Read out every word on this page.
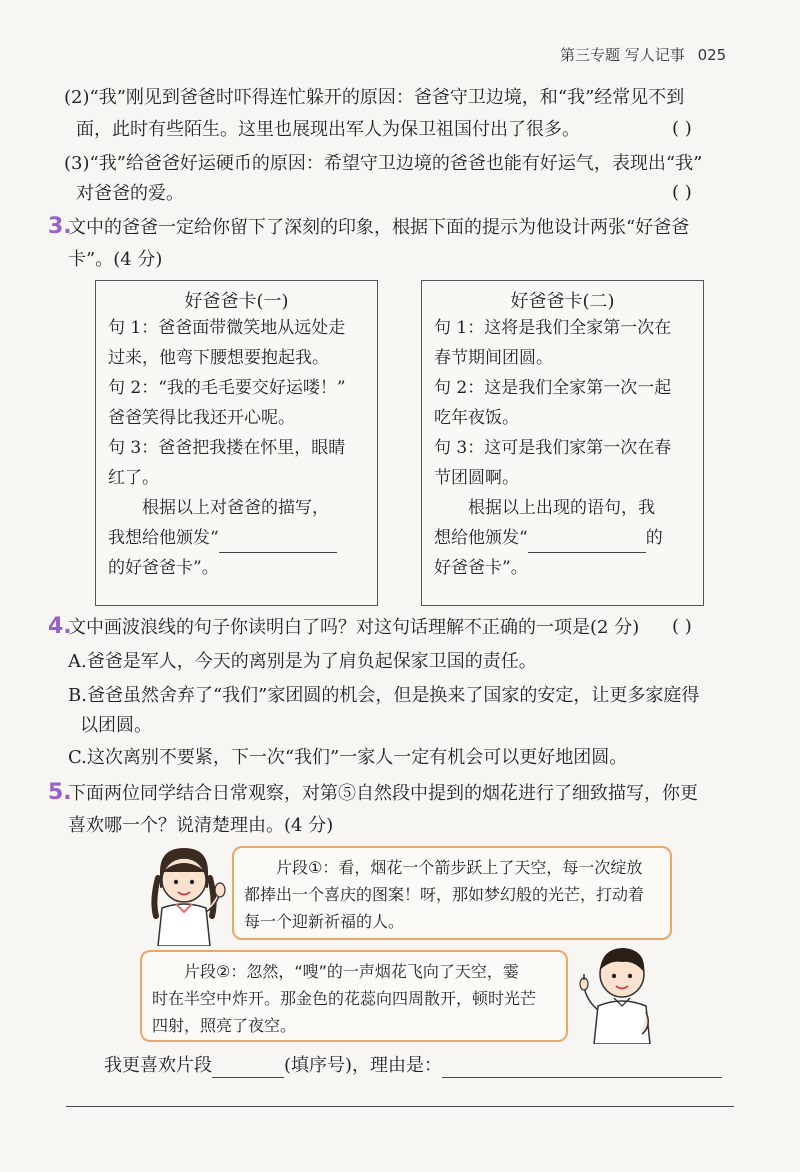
第三专题 写人记事 025
(2)“我”刚见到爸爸时吓得连忙躲开的原因：爸爸守卫边境，和“我”经常见不到
面，此时有些陌生。这里也展现出军人为保卫祖国付出了很多。	( )
(3)“我”给爸爸好运硬币的原因：希望守卫边境的爸爸也能有好运气，表现出“我”
对爸爸的爱。	( )
3.
文中的爸爸一定给你留下了深刻的印象，根据下面的提示为他设计两张“好爸爸
卡”。(4 分)
好爸爸卡(一)
句 1：爸爸面带微笑地从远处走
过来，他弯下腰想要抱起我。
句 2：“我的毛毛要交好运喽！”
爸爸笑得比我还开心呢。
句 3：爸爸把我搂在怀里，眼睛
红了。
　　根据以上对爸爸的描写，
我想给他颁发“
的好爸爸卡”。
好爸爸卡(二)
句 1：这将是我们全家第一次在
春节期间团圆。
句 2：这是我们全家第一次一起
吃年夜饭。
句 3：这可是我们家第一次在春
节团圆啊。
　　根据以上出现的语句，我
想给他颁发“	的
好爸爸卡”。
4.
文中画波浪线的句子你读明白了吗？对这句话理解不正确的一项是(2 分) ( )
A.爸爸是军人，今天的离别是为了肩负起保家卫国的责任。
B.爸爸虽然舍弃了“我们”家团圆的机会，但是换来了国家的安定，让更多家庭得
以团圆。
C.这次离别不要紧，下一次“我们”一家人一定有机会可以更好地团圆。
5.
下面两位同学结合日常观察，对第⑤自然段中提到的烟花进行了细致描写，你更
喜欢哪一个？说清楚理由。(4 分)
　　片段①：看，烟花一个箭步跃上了天空，每一次绽放
都捧出一个喜庆的图案！呀，那如梦幻般的光芒，打动着
每一个迎新祈福的人。
　　片段②：忽然，“嗖”的一声烟花飞向了天空，霎
时在半空中炸开。那金色的花蕊向四周散开，顿时光芒
四射，照亮了夜空。
我更喜欢片段	(填序号)，理由是：
